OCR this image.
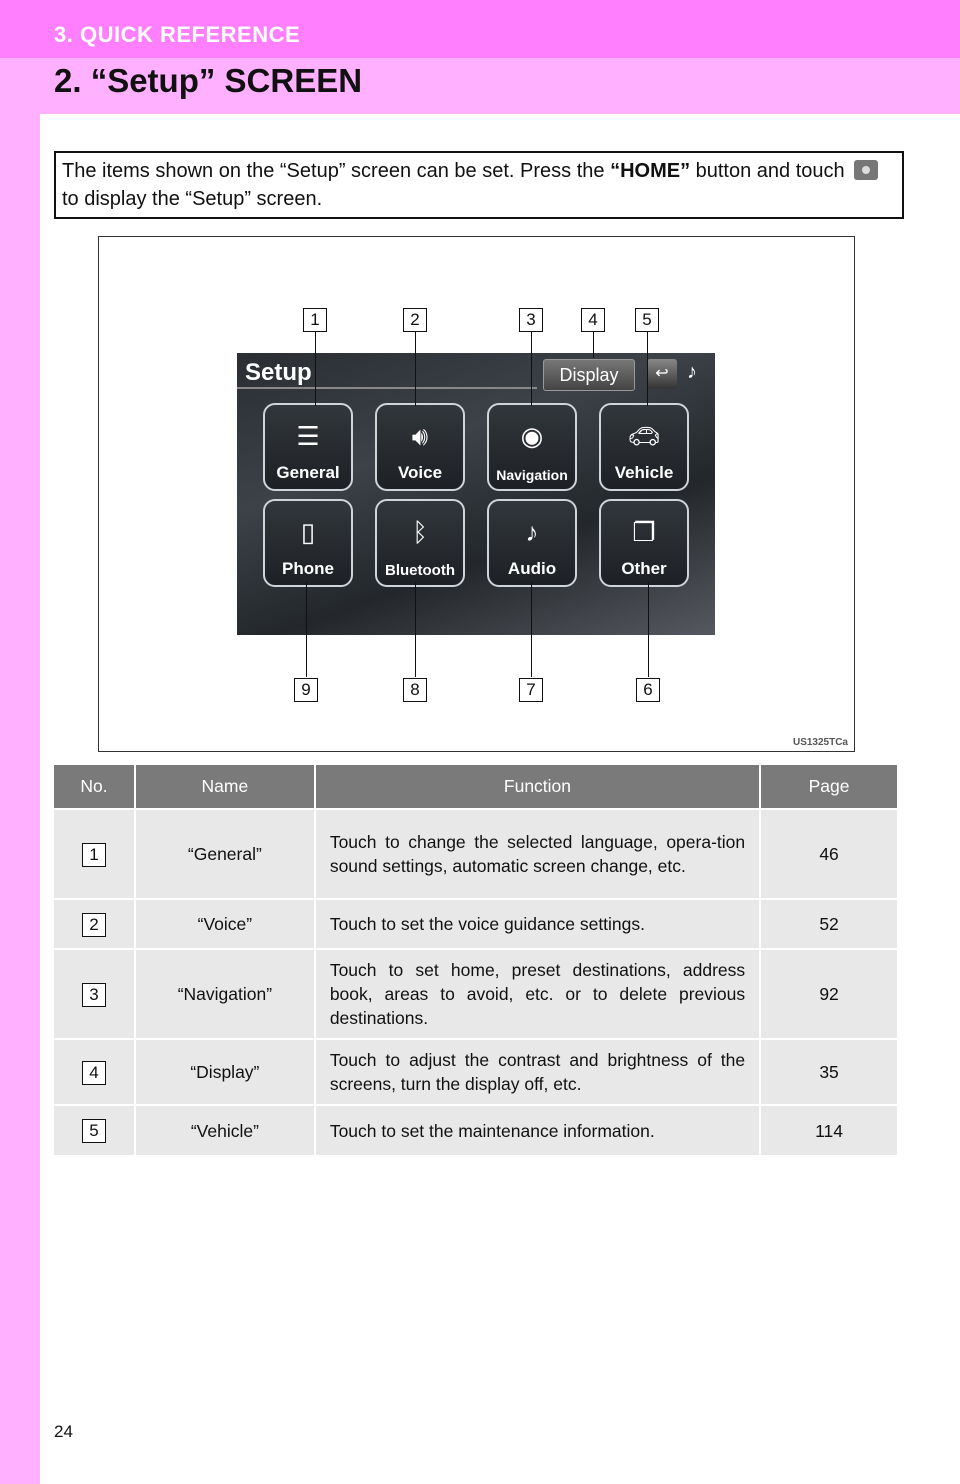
3. QUICK REFERENCE
2. “Setup” SCREEN
The items shown on the “Setup” screen can be set. Press the “HOME” button and touch  to display the “Setup” screen.
Setup	Display	↩ ♪
☰
General
🔊︎
Voice
◉
Navigation
🚗︎
Vehicle
▯
Phone
ᛒ
Bluetooth
♪
Audio
❐
Other
1	2	3	4	5
9	8	7	6
US1325TCa
No.	Name	Function	Page
1	“General”	Touch to change the selected language, opera-tion sound settings, automatic screen change, etc.	46
2	“Voice”	Touch to set the voice guidance settings.	52
3	“Navigation”	Touch to set home, preset destinations, address book, areas to avoid, etc. or to delete previous destinations.	92
4	“Display”	Touch to adjust the contrast and brightness of the screens, turn the display off, etc.	35
5	“Vehicle”	Touch to set the maintenance information.	114
24
